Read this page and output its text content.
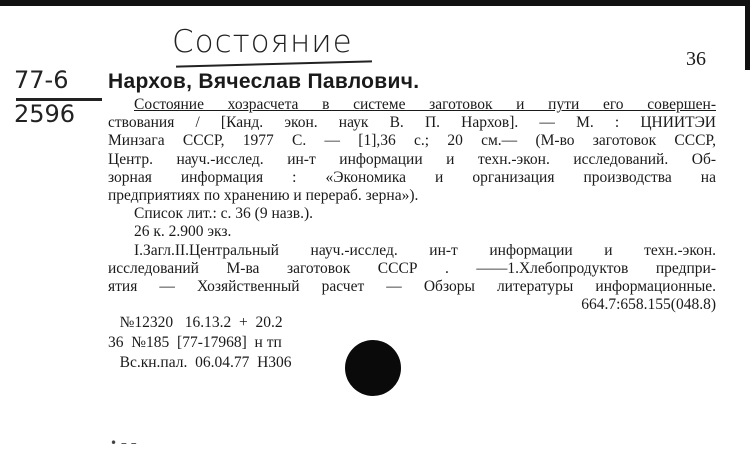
Состояние
77-6
2596
36
Нархов, Вячеслав Павлович.
Состояние хозрасчета в системе заготовок и пути его совершен-
ствования / [Канд. экон. наук В. П. Нархов]. — М. : ЦНИИТЭИ
Минзага СССР, 1977 С. — [1],36 с.; 20 см.— (М-во заготовок СССР,
Центр. науч.-исслед. ин-т информации и техн.-экон. исследований. Об-
зорная информация : «Экономика и организация производства на
предприятиях по хранению и перераб. зерна»).
Список лит.: с. 36 (9 назв.).
26 к. 2.900 экз.
I.Загл.II.Центральный науч.-исслед. ин-т информации и техн.-экон.
исследований М-ва заготовок СССР . ——1.Хлебопродуктов предпри-
ятия — Хозяйственный расчет — Обзоры литературы информационные.
664.7:658.155(048.8)
№12320   16.13.2  +  20.2
36  №185  [77-17968]  н тп
Вс.кн.пал.  06.04.77  Н306
• – –
